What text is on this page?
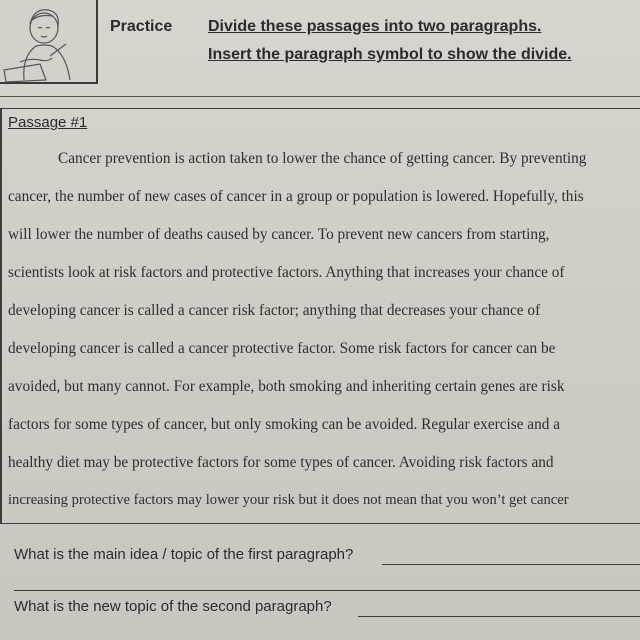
Practice Divide these passages into two paragraphs.
Insert the paragraph symbol to show the divide.
Passage #1
Cancer prevention is action taken to lower the chance of getting cancer. By preventing
cancer, the number of new cases of cancer in a group or population is lowered. Hopefully, this
will lower the number of deaths caused by cancer. To prevent new cancers from starting,
scientists look at risk factors and protective factors. Anything that increases your chance of
developing cancer is called a cancer risk factor; anything that decreases your chance of
developing cancer is called a cancer protective factor. Some risk factors for cancer can be
avoided, but many cannot. For example, both smoking and inheriting certain genes are risk
factors for some types of cancer, but only smoking can be avoided. Regular exercise and a
healthy diet may be protective factors for some types of cancer. Avoiding risk factors and
increasing protective factors may lower your risk but it does not mean that you won’t get cancer
What is the main idea / topic of the first paragraph?
What is the new topic of the second paragraph?
